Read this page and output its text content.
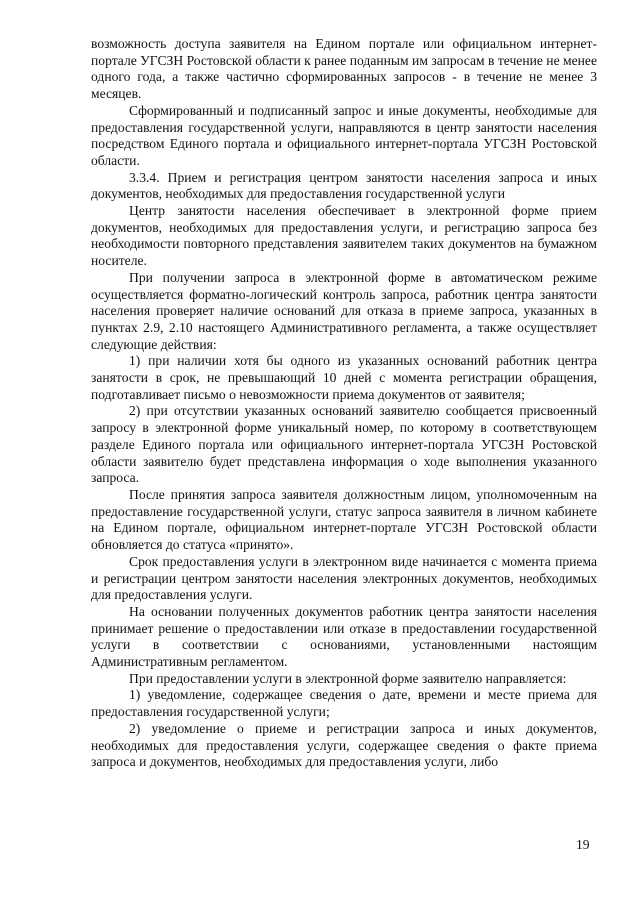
возможность доступа заявителя на Едином портале или официальном интернет-портале УГСЗН Ростовской области к ранее поданным им запросам в течение не менее одного года, а также частично сформированных запросов - в течение не менее 3 месяцев.

Сформированный и подписанный запрос и иные документы, необходимые для предоставления государственной услуги, направляются в центр занятости населения посредством Единого портала и официального интернет-портала УГСЗН Ростовской области.

3.3.4. Прием и регистрация центром занятости населения запроса и иных документов, необходимых для предоставления государственной услуги

Центр занятости населения обеспечивает в электронной форме прием документов, необходимых для предоставления услуги, и регистрацию запроса без необходимости повторного представления заявителем таких документов на бумажном носителе.

При получении запроса в электронной форме в автоматическом режиме осуществляется форматно-логический контроль запроса, работник центра занятости населения проверяет наличие оснований для отказа в приеме запроса, указанных в пунктах 2.9, 2.10 настоящего Административного регламента, а также осуществляет следующие действия:

1) при наличии хотя бы одного из указанных оснований работник центра занятости в срок, не превышающий 10 дней с момента регистрации обращения, подготавливает письмо о невозможности приема документов от заявителя;

2) при отсутствии указанных оснований заявителю сообщается присвоенный запросу в электронной форме уникальный номер, по которому в соответствующем разделе Единого портала или официального интернет-портала УГСЗН Ростовской области заявителю будет представлена информация о ходе выполнения указанного запроса.

После принятия запроса заявителя должностным лицом, уполномоченным на предоставление государственной услуги, статус запроса заявителя в личном кабинете на Едином портале, официальном интернет-портале УГСЗН Ростовской области обновляется до статуса «принято».

Срок предоставления услуги в электронном виде начинается с момента приема и регистрации центром занятости населения электронных документов, необходимых для предоставления услуги.

На основании полученных документов работник центра занятости населения принимает решение о предоставлении или отказе в предоставлении государственной услуги в соответствии с основаниями, установленными настоящим Административным регламентом.

При предоставлении услуги в электронной форме заявителю направляется:

1) уведомление, содержащее сведения о дате, времени и месте приема для предоставления государственной услуги;

2) уведомление о приеме и регистрации запроса и иных документов, необходимых для предоставления услуги, содержащее сведения о факте приема запроса и документов, необходимых для предоставления услуги, либо

19
